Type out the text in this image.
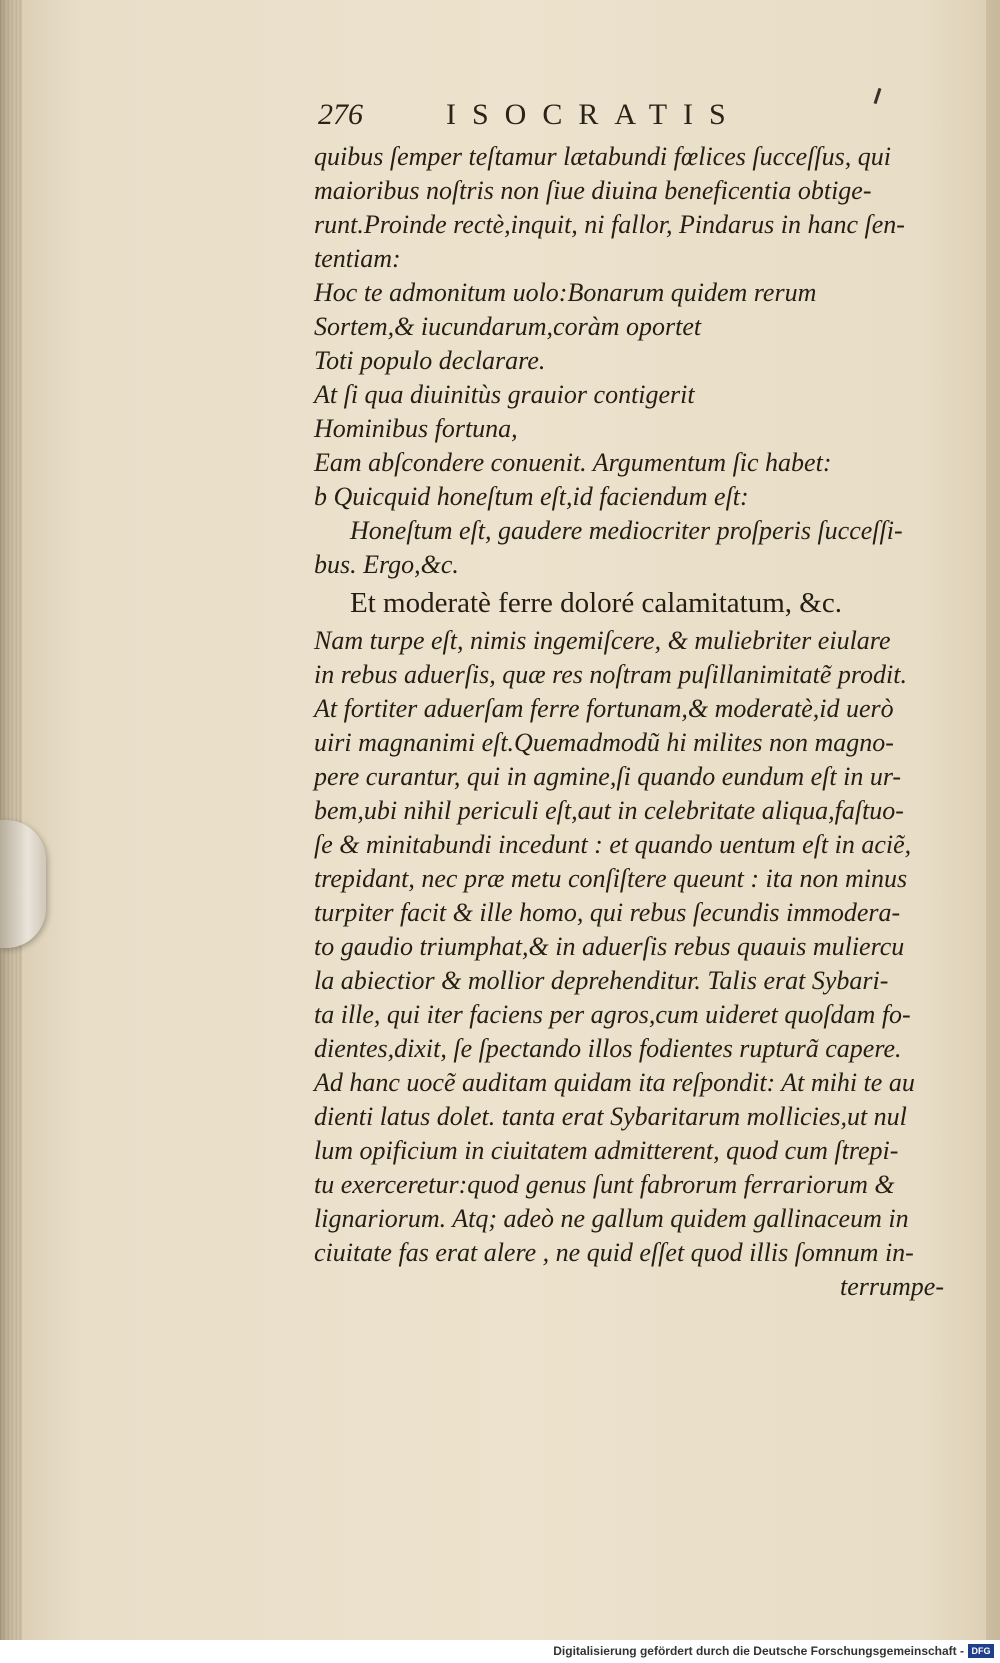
276	ISOCRATIS
quibus ſemper teſtamur lætabundi fœlices ſucceſſus, qui
maioribus noſtris non ſiue diuina beneficentia obtige-
runt.Proinde rectè,inquit, ni fallor, Pindarus in hanc ſen-
tentiam:
Hoc te admonitum uolo:Bonarum quidem rerum
Sortem,& iucundarum,coràm oportet
Toti populo declarare.
At ſi qua diuinitùs grauior contigerit
Hominibus fortuna,
Eam abſcondere conuenit. Argumentum ſic habet:
b Quicquid honeſtum eſt,id faciendum eſt:
Honeſtum eſt, gaudere mediocriter proſperis ſucceſſi-
bus. Ergo,&c.
Et moderatè ferre doloré calamitatum, &c.
Nam turpe eſt, nimis ingemiſcere, & muliebriter eiulare
in rebus aduerſis, quæ res noſtram puſillanimitatẽ prodit.
At fortiter aduerſam ferre fortunam,& moderatè,id uerò
uiri magnanimi eſt.Quemadmodũ hi milites non magno-
pere curantur, qui in agmine,ſi quando eundum eſt in ur-
bem,ubi nihil periculi eſt,aut in celebritate aliqua,faſtuo-
ſe & minitabundi incedunt : et quando uentum eſt in aciẽ,
trepidant, nec præ metu conſiſtere queunt : ita non minus
turpiter facit & ille homo, qui rebus ſecundis immodera-
to gaudio triumphat,& in aduerſis rebus quauis muliercu
la abiectior & mollior deprehenditur. Talis erat Sybari-
ta ille, qui iter faciens per agros,cum uideret quoſdam fo-
dientes,dixit, ſe ſpectando illos fodientes rupturã capere.
Ad hanc uocẽ auditam quidam ita reſpondit: At mihi te au
dienti latus dolet. tanta erat Sybaritarum mollicies,ut nul
lum opificium in ciuitatem admitterent, quod cum ſtrepi-
tu exerceretur:quod genus ſunt fabrorum ferrariorum &
lignariorum. Atq; adeò ne gallum quidem gallinaceum in
ciuitate fas erat alere , ne quid eſſet quod illis ſomnum in-
terrumpe-
Digitalisierung gefördert durch die Deutsche Forschungsgemeinschaft - DFG
